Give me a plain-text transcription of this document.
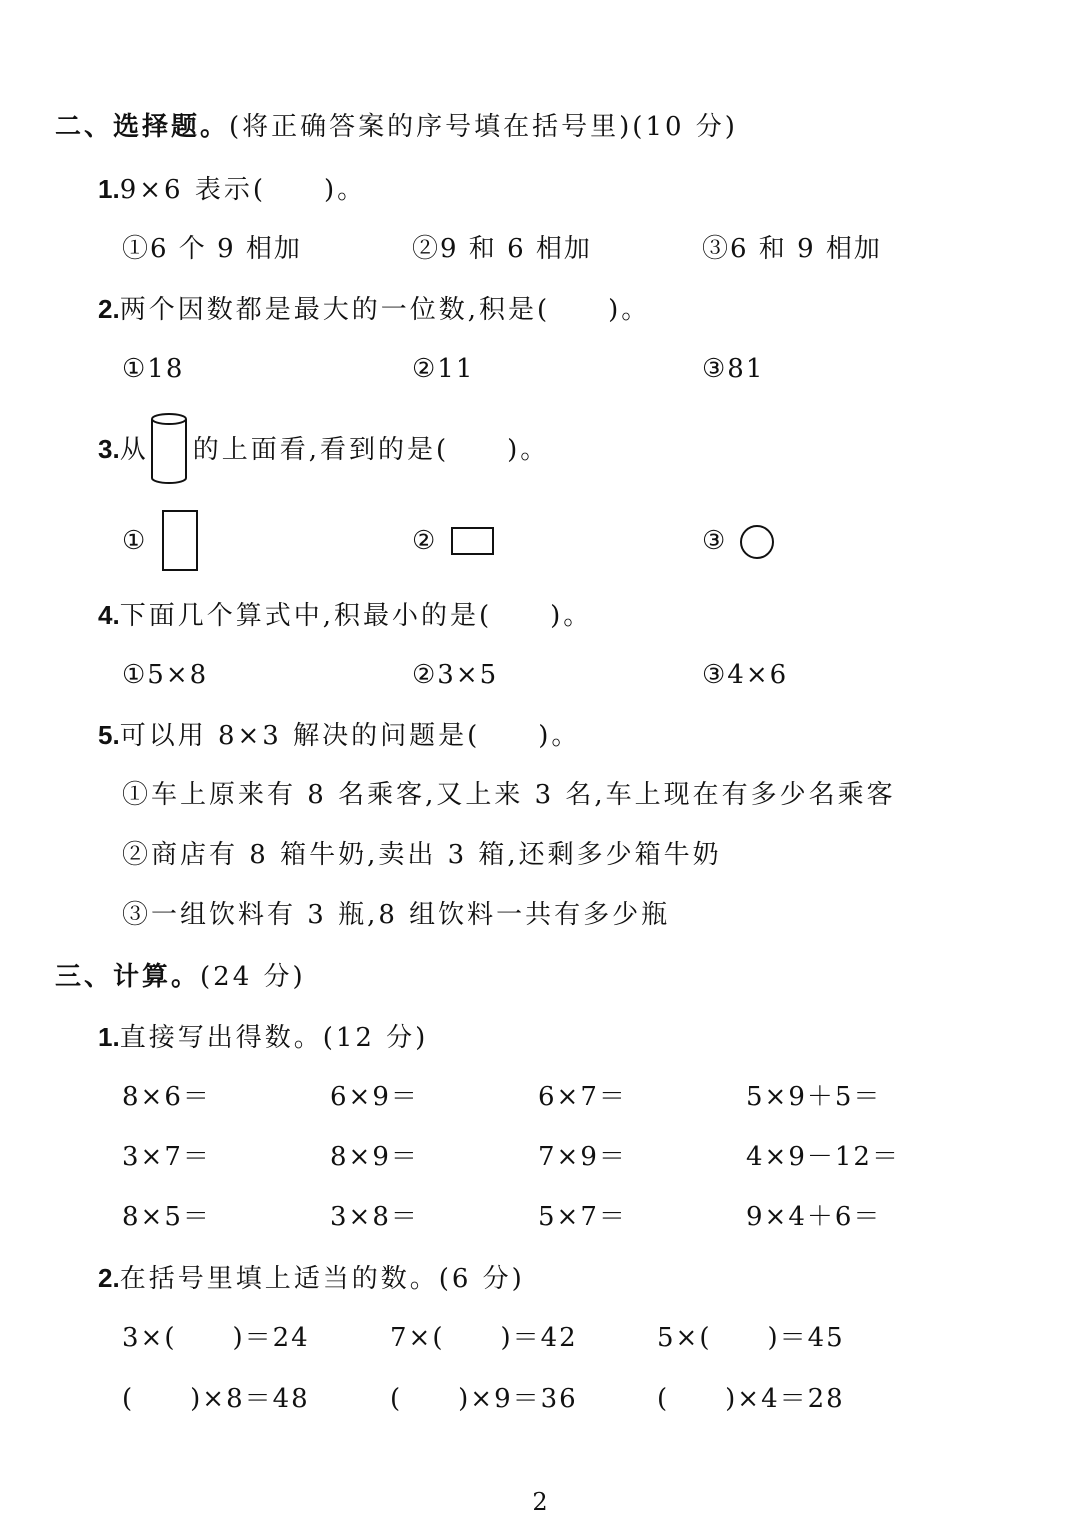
二、选择题。(将正确答案的序号填在括号里)(10 分)
1.9×6 表示(　　)。
①6 个 9 相加	②9 和 6 相加	③6 和 9 相加
2.两个因数都是最大的一位数,积是(　　)。
①18	②11	③81
3.从 的上面看,看到的是(　　)。
①	②	③
4.下面几个算式中,积最小的是(　　)。
①5×8	②3×5	③4×6
5.可以用 8×3 解决的问题是(　　)。
①车上原来有 8 名乘客,又上来 3 名,车上现在有多少名乘客
②商店有 8 箱牛奶,卖出 3 箱,还剩多少箱牛奶
③一组饮料有 3 瓶,8 组饮料一共有多少瓶
三、计算。(24 分)
1.直接写出得数。(12 分)
8×6＝	6×9＝	6×7＝	5×9＋5＝
3×7＝	8×9＝	7×9＝	4×9－12＝
8×5＝	3×8＝	5×7＝	9×4＋6＝
2.在括号里填上适当的数。(6 分)
3×(　　)＝24	7×(　　)＝42	5×(　　)＝45
(　　)×8＝48	(　　)×9＝36	(　　)×4＝28
2
